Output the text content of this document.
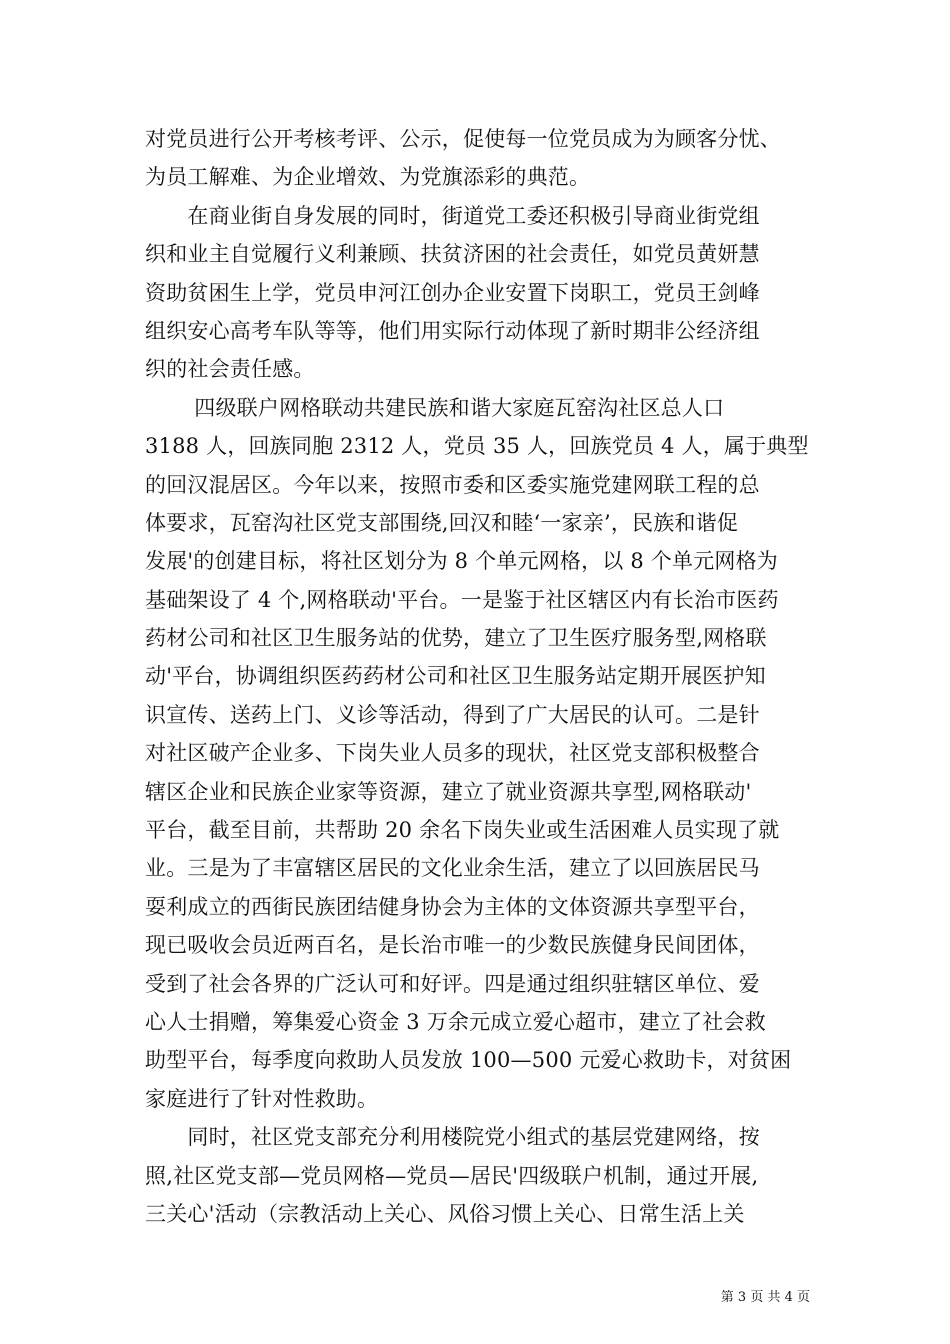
对党员进行公开考核考评、公示，促使每一位党员成为为顾客分忧、
为员工解难、为企业增效、为党旗添彩的典范。
　　在商业街自身发展的同时，街道党工委还积极引导商业街党组
织和业主自觉履行义利兼顾、扶贫济困的社会责任，如党员黄妍慧
资助贫困生上学，党员申河江创办企业安置下岗职工，党员王剑峰
组织安心高考车队等等，他们用实际行动体现了新时期非公经济组
织的社会责任感。
　　 四级联户网格联动共建民族和谐大家庭瓦窑沟社区总人口
3188 人，回族同胞 2312 人，党员 35 人，回族党员 4 人，属于典型
的回汉混居区。今年以来，按照市委和区委实施党建网联工程的总
体要求，瓦窑沟社区党支部围绕,回汉和睦‘一家亲’，民族和谐促
发展'的创建目标，将社区划分为 8 个单元网格，以 8 个单元网格为
基础架设了 4 个,网格联动'平台。一是鉴于社区辖区内有长治市医药
药材公司和社区卫生服务站的优势，建立了卫生医疗服务型,网格联
动'平台，协调组织医药药材公司和社区卫生服务站定期开展医护知
识宣传、送药上门、义诊等活动，得到了广大居民的认可。二是针
对社区破产企业多、下岗失业人员多的现状，社区党支部积极整合
辖区企业和民族企业家等资源，建立了就业资源共享型,网格联动'
平台，截至目前，共帮助 20 余名下岗失业或生活困难人员实现了就
业。三是为了丰富辖区居民的文化业余生活，建立了以回族居民马
耍利成立的西街民族团结健身协会为主体的文体资源共享型平台，
现已吸收会员近两百名，是长治市唯一的少数民族健身民间团体，
受到了社会各界的广泛认可和好评。四是通过组织驻辖区单位、爱
心人士捐赠，筹集爱心资金 3 万余元成立爱心超市，建立了社会救
助型平台，每季度向救助人员发放 100—500 元爱心救助卡，对贫困
家庭进行了针对性救助。
　　同时，社区党支部充分利用楼院党小组式的基层党建网络，按
照,社区党支部—党员网格—党员—居民'四级联户机制，通过开展,
三关心'活动（宗教活动上关心、风俗习惯上关心、日常生活上关
第 3 页 共 4 页
